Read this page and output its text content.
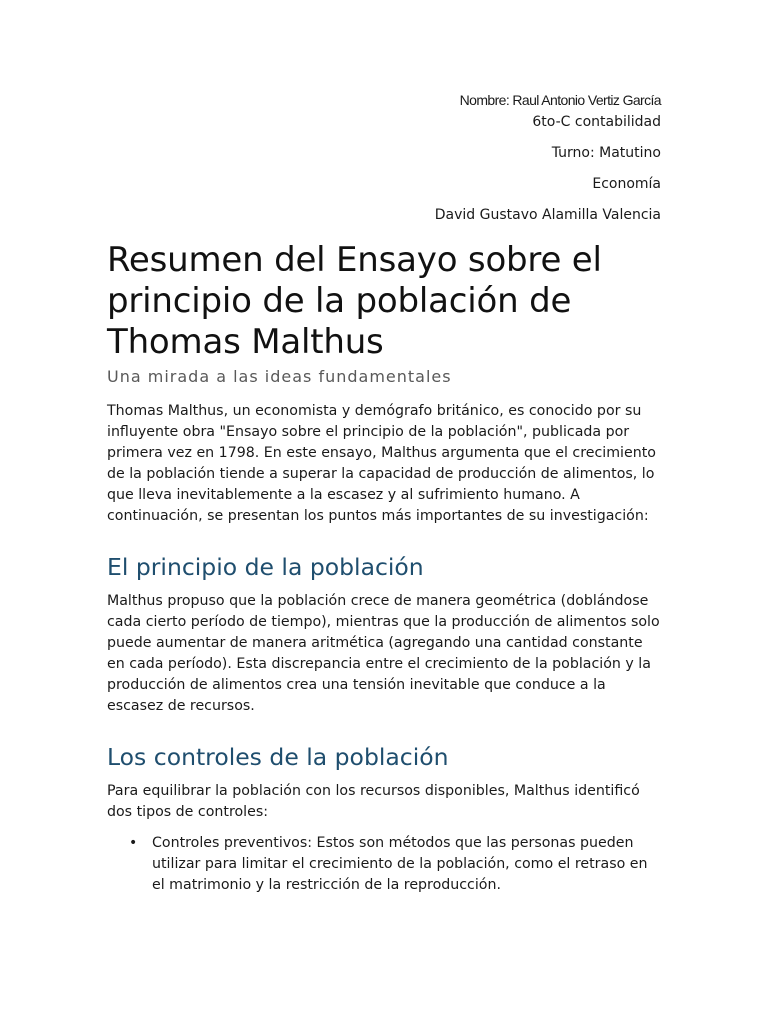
Nombre: Raul Antonio Vertiz García
6to-C contabilidad
Turno: Matutino
Economía
David Gustavo Alamilla Valencia
Resumen del Ensayo sobre el principio de la población de Thomas Malthus
Una mirada a las ideas fundamentales

Thomas Malthus, un economista y demógrafo británico, es conocido por su influyente obra "Ensayo sobre el principio de la población", publicada por primera vez en 1798. En este ensayo, Malthus argumenta que el crecimiento de la población tiende a superar la capacidad de producción de alimentos, lo que lleva inevitablemente a la escasez y al sufrimiento humano. A continuación, se presentan los puntos más importantes de su investigación:

El principio de la población

Malthus propuso que la población crece de manera geométrica (doblándose cada cierto período de tiempo), mientras que la producción de alimentos solo puede aumentar de manera aritmética (agregando una cantidad constante en cada período). Esta discrepancia entre el crecimiento de la población y la producción de alimentos crea una tensión inevitable que conduce a la escasez de recursos.

Los controles de la población

Para equilibrar la población con los recursos disponibles, Malthus identificó dos tipos de controles:

• Controles preventivos: Estos son métodos que las personas pueden utilizar para limitar el crecimiento de la población, como el retraso en el matrimonio y la restricción de la reproducción.
